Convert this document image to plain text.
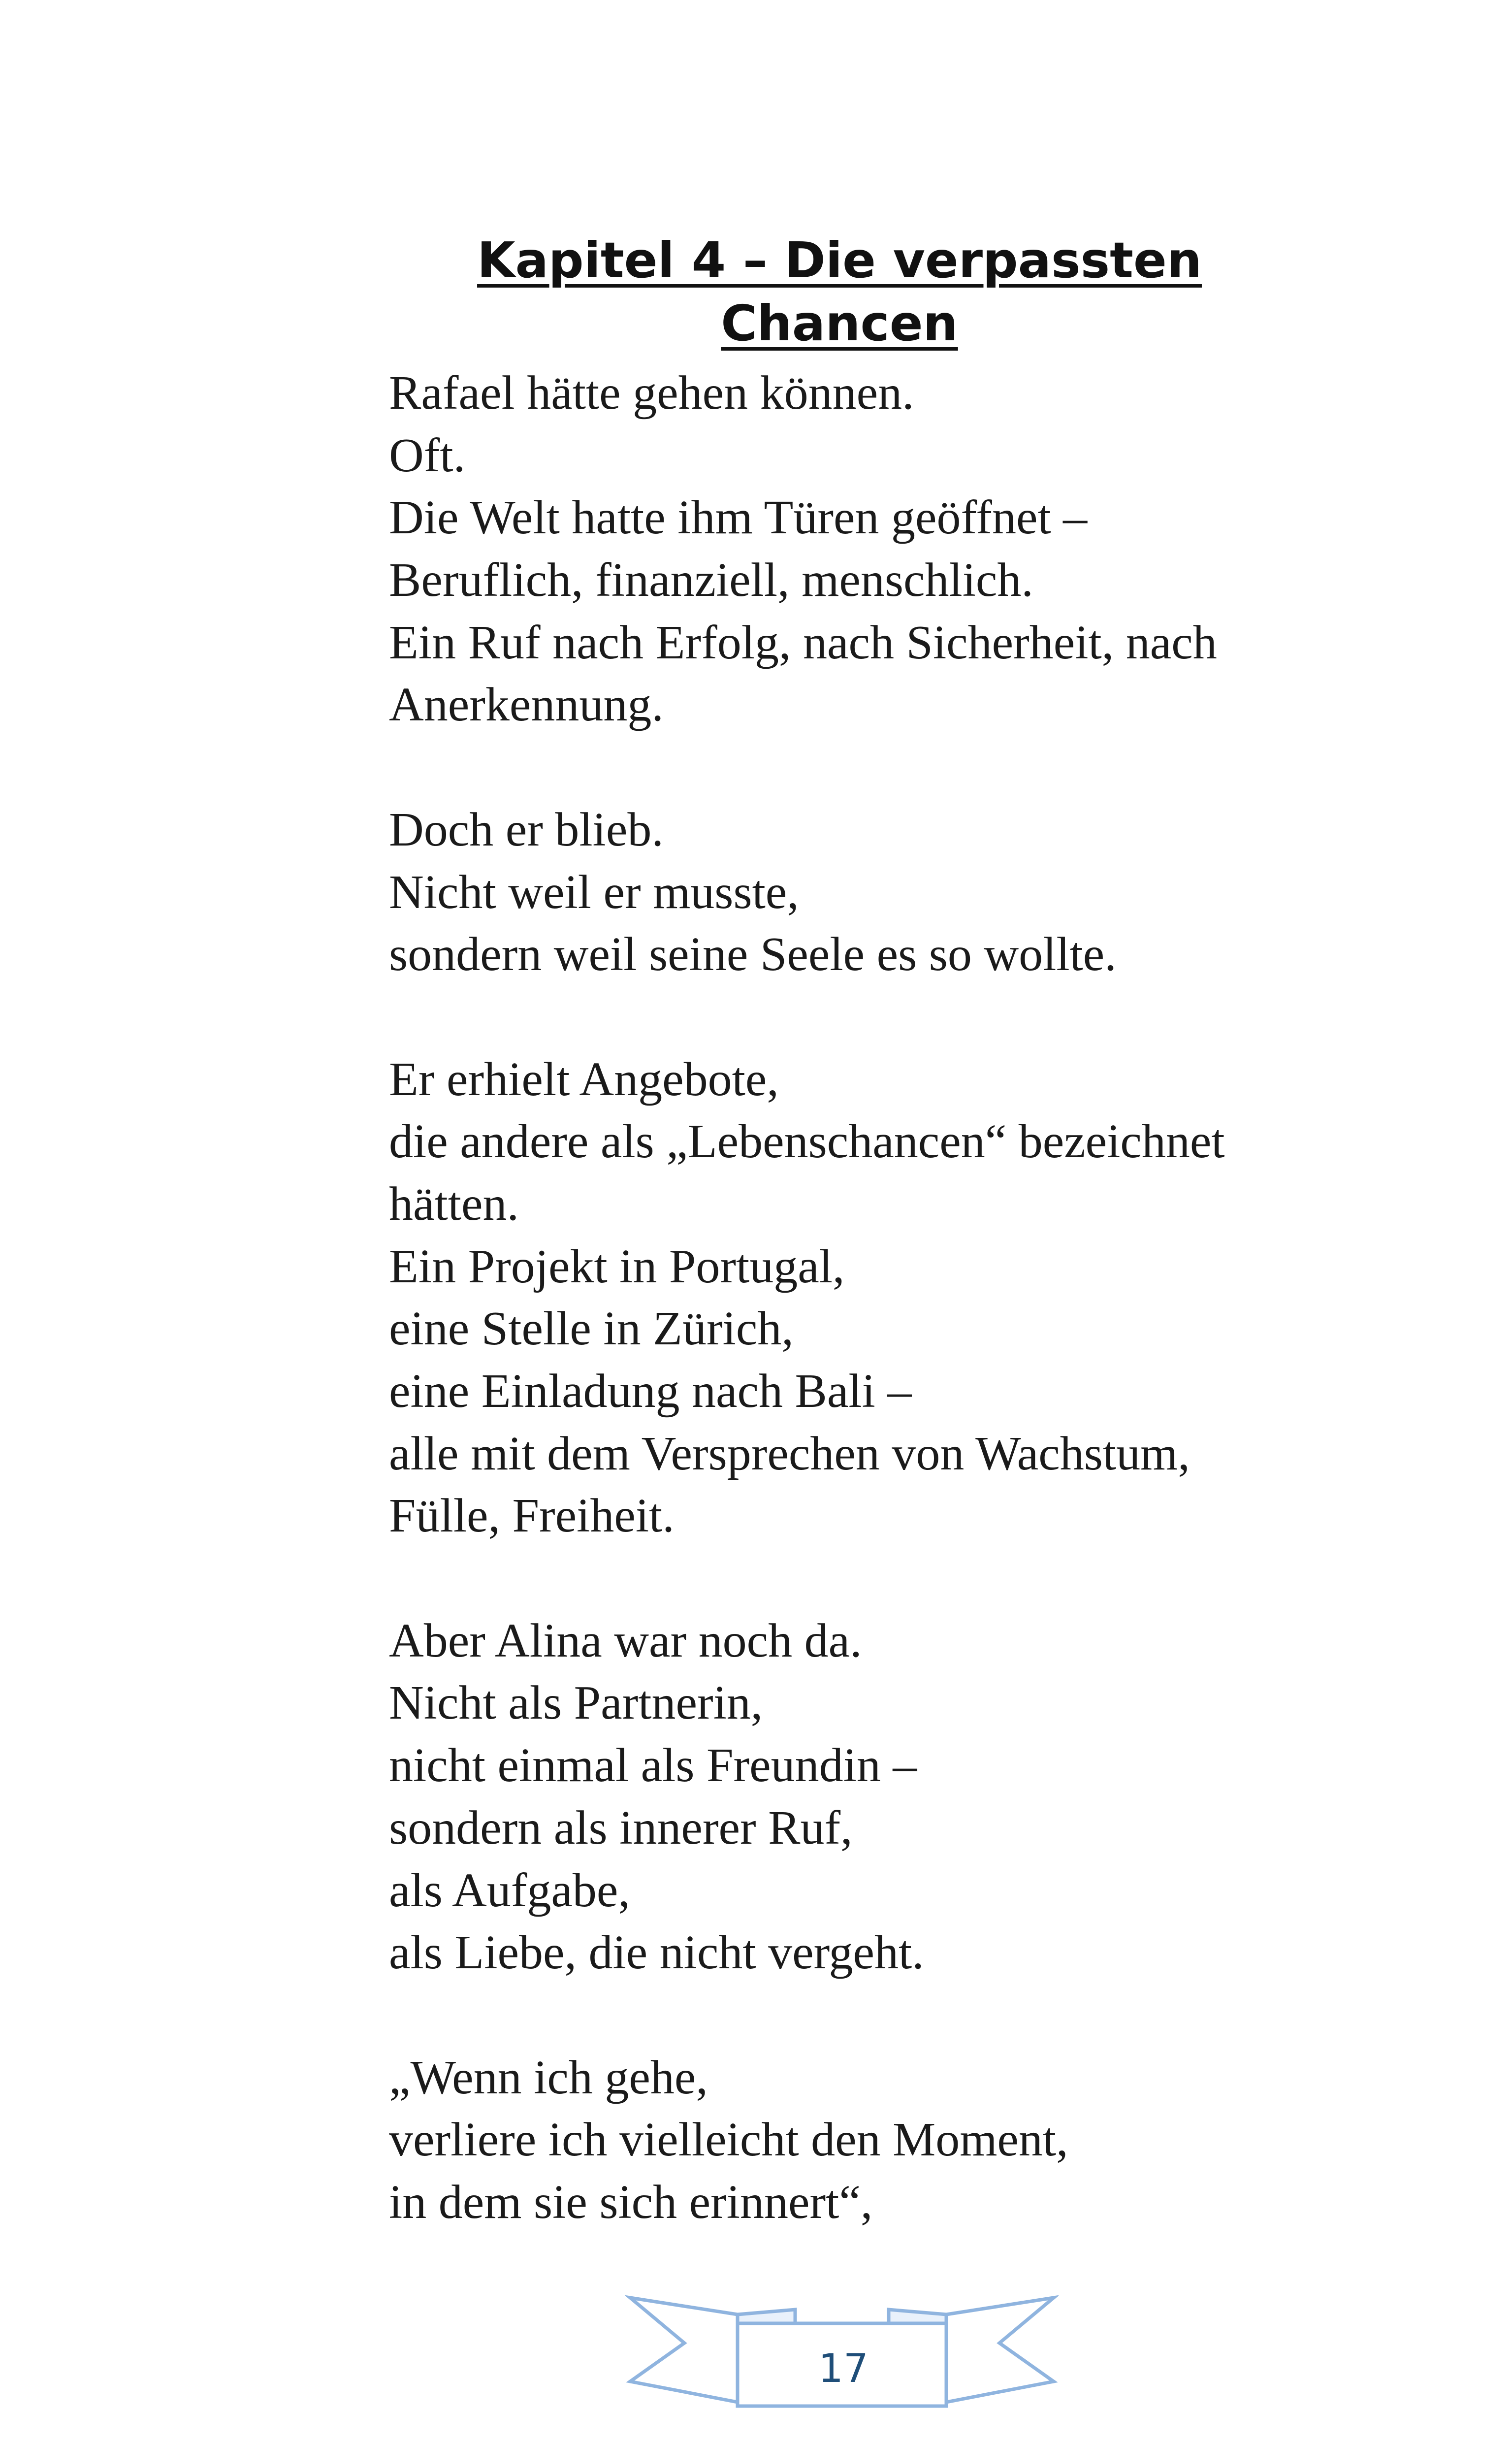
Kapitel 4 – Die verpassten
Chancen
Rafael hätte gehen können.
Oft.
Die Welt hatte ihm Türen geöffnet –
Beruflich, finanziell, menschlich.
Ein Ruf nach Erfolg, nach Sicherheit, nach
Anerkennung.
Doch er blieb.
Nicht weil er musste,
sondern weil seine Seele es so wollte.
Er erhielt Angebote,
die andere als „Lebenschancen“ bezeichnet
hätten.
Ein Projekt in Portugal,
eine Stelle in Zürich,
eine Einladung nach Bali –
alle mit dem Versprechen von Wachstum,
Fülle, Freiheit.
Aber Alina war noch da.
Nicht als Partnerin,
nicht einmal als Freundin –
sondern als innerer Ruf,
als Aufgabe,
als Liebe, die nicht vergeht.
„Wenn ich gehe,
verliere ich vielleicht den Moment,
in dem sie sich erinnert“,
17
